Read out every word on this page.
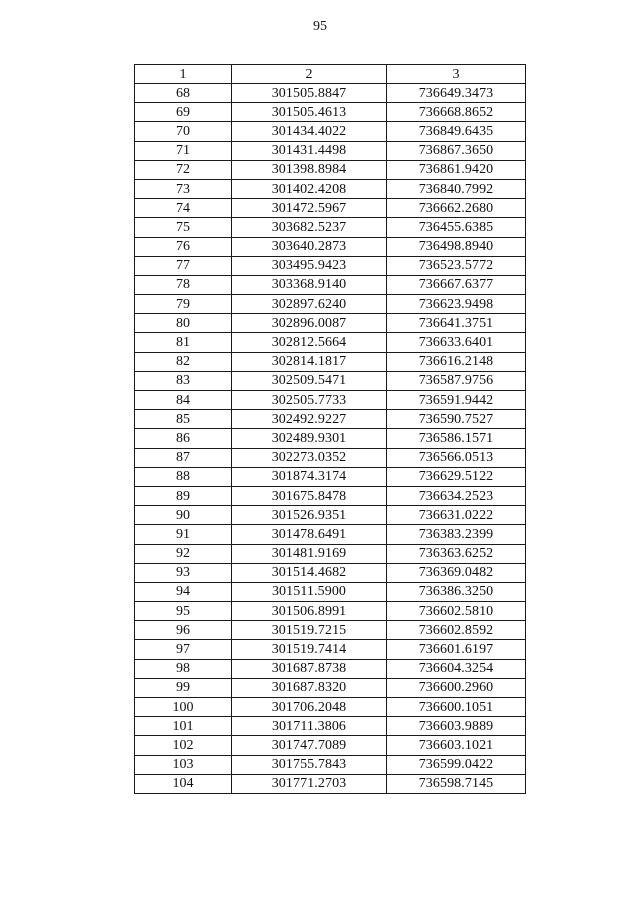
95
1	2	3
68	301505.8847	736649.3473
69	301505.4613	736668.8652
70	301434.4022	736849.6435
71	301431.4498	736867.3650
72	301398.8984	736861.9420
73	301402.4208	736840.7992
74	301472.5967	736662.2680
75	303682.5237	736455.6385
76	303640.2873	736498.8940
77	303495.9423	736523.5772
78	303368.9140	736667.6377
79	302897.6240	736623.9498
80	302896.0087	736641.3751
81	302812.5664	736633.6401
82	302814.1817	736616.2148
83	302509.5471	736587.9756
84	302505.7733	736591.9442
85	302492.9227	736590.7527
86	302489.9301	736586.1571
87	302273.0352	736566.0513
88	301874.3174	736629.5122
89	301675.8478	736634.2523
90	301526.9351	736631.0222
91	301478.6491	736383.2399
92	301481.9169	736363.6252
93	301514.4682	736369.0482
94	301511.5900	736386.3250
95	301506.8991	736602.5810
96	301519.7215	736602.8592
97	301519.7414	736601.6197
98	301687.8738	736604.3254
99	301687.8320	736600.2960
100	301706.2048	736600.1051
101	301711.3806	736603.9889
102	301747.7089	736603.1021
103	301755.7843	736599.0422
104	301771.2703	736598.7145
